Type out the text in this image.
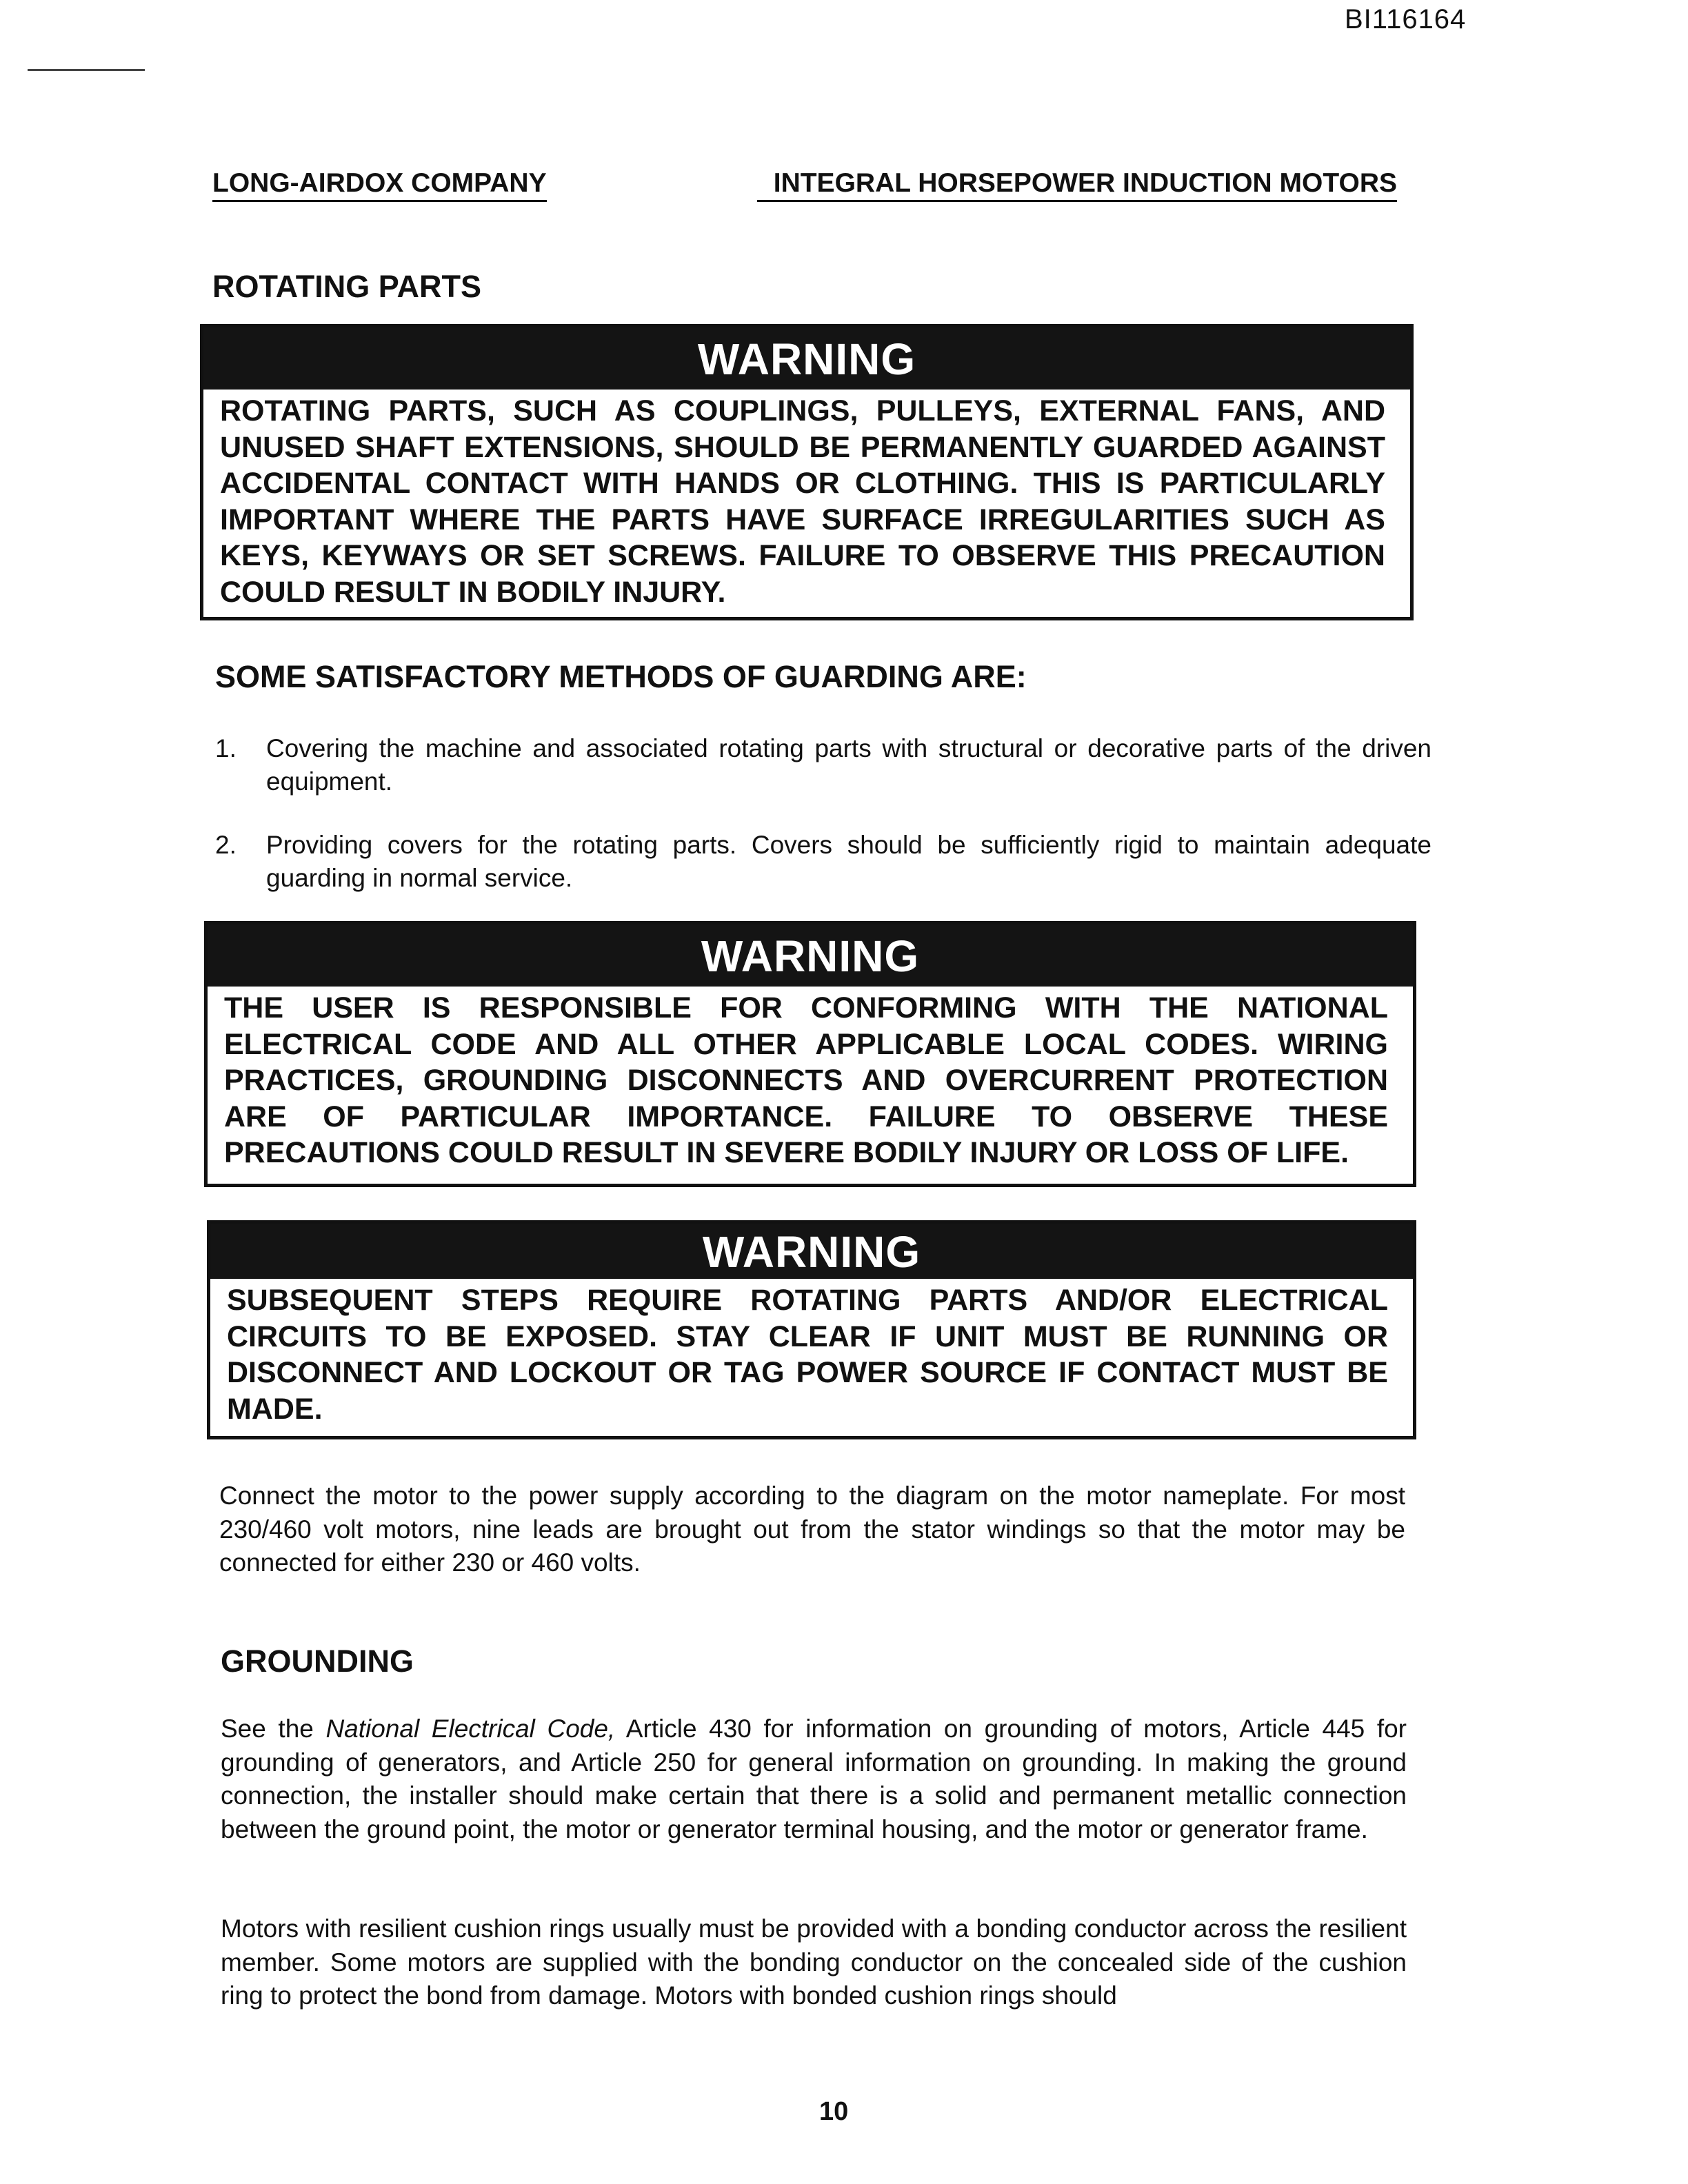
BI116164
LONG-AIRDOX COMPANY	INTEGRAL HORSEPOWER INDUCTION MOTORS
ROTATING PARTS
WARNING
ROTATING PARTS, SUCH AS COUPLINGS, PULLEYS, EXTERNAL FANS, AND UNUSED SHAFT EXTENSIONS, SHOULD BE PERMANENTLY GUARDED AGAINST ACCIDENTAL CONTACT WITH HANDS OR CLOTHING. THIS IS PARTICULARLY IMPORTANT WHERE THE PARTS HAVE SURFACE IRREGULARITIES SUCH AS KEYS, KEYWAYS OR SET SCREWS. FAILURE TO OBSERVE THIS PRECAUTION COULD RESULT IN BODILY INJURY.
SOME SATISFACTORY METHODS OF GUARDING ARE:
1. Covering the machine and associated rotating parts with structural or decorative parts of the driven equipment.
2. Providing covers for the rotating parts. Covers should be sufficiently rigid to maintain adequate guarding in normal service.
WARNING
THE USER IS RESPONSIBLE FOR CONFORMING WITH THE NATIONAL ELECTRICAL CODE AND ALL OTHER APPLICABLE LOCAL CODES. WIRING PRACTICES, GROUNDING DISCONNECTS AND OVERCURRENT PROTECTION ARE OF PARTICULAR IMPORTANCE. FAILURE TO OBSERVE THESE PRECAUTIONS COULD RESULT IN SEVERE BODILY INJURY OR LOSS OF LIFE.
WARNING
SUBSEQUENT STEPS REQUIRE ROTATING PARTS AND/OR ELECTRICAL CIRCUITS TO BE EXPOSED. STAY CLEAR IF UNIT MUST BE RUNNING OR DISCONNECT AND LOCKOUT OR TAG POWER SOURCE IF CONTACT MUST BE MADE.
Connect the motor to the power supply according to the diagram on the motor nameplate. For most 230/460 volt motors, nine leads are brought out from the stator windings so that the motor may be connected for either 230 or 460 volts.
GROUNDING
See the National Electrical Code, Article 430 for information on grounding of motors, Article 445 for grounding of generators, and Article 250 for general information on grounding. In making the ground connection, the installer should make certain that there is a solid and permanent metallic connection between the ground point, the motor or generator terminal housing, and the motor or generator frame.
Motors with resilient cushion rings usually must be provided with a bonding conductor across the resilient member. Some motors are supplied with the bonding conductor on the concealed side of the cushion ring to protect the bond from damage. Motors with bonded cushion rings should
10
